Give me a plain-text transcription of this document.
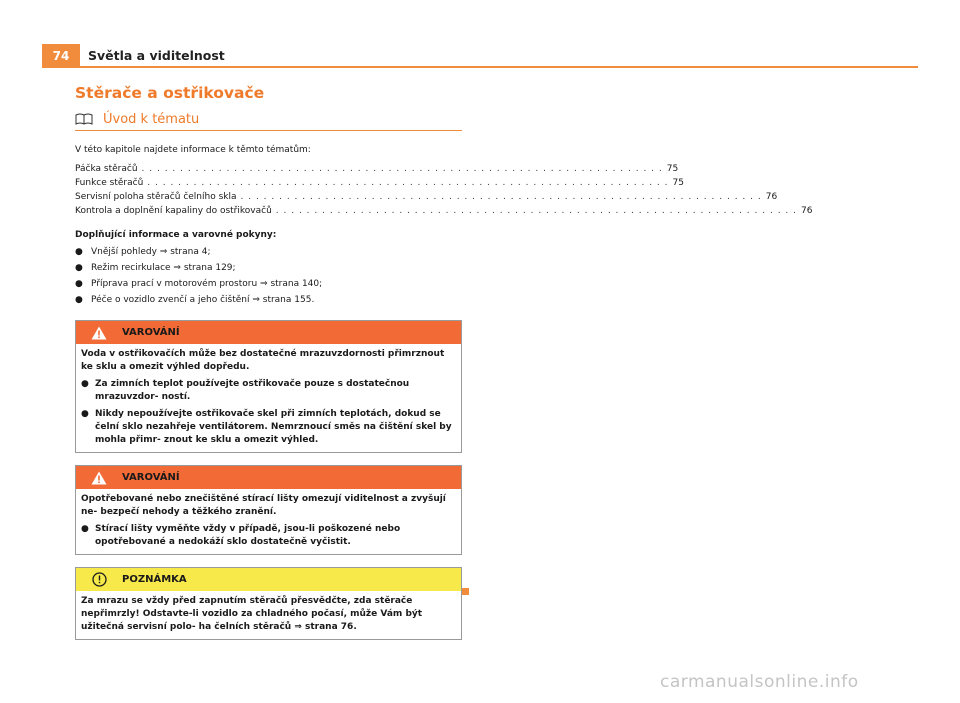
74	Světla a viditelnost
Stěrače a ostřikovače
Úvod k tématu
V této kapitole najdete informace k těmto tématům:
Páčka stěračů . . . . . . . . . . . . . . . . . . . . . . . . . . . . . . . . . . . . . . . . . . . . . . . . . . . . . . . . . . . . . . . . . . . . 75
Funkce stěračů . . . . . . . . . . . . . . . . . . . . . . . . . . . . . . . . . . . . . . . . . . . . . . . . . . . . . . . . . . . . . . . . . . . . 75
Servisní poloha stěračů čelního skla . . . . . . . . . . . . . . . . . . . . . . . . . . . . . . . . . . . . . . . . . . . . . . . . . . . . . . . . . . . . . . . . . . . . 76
Kontrola a doplnění kapaliny do ostřikovačů . . . . . . . . . . . . . . . . . . . . . . . . . . . . . . . . . . . . . . . . . . . . . . . . . . . . . . . . . . . . . . . . . . . . 76
Doplňující informace a varovné pokyny:
● Vnější pohledy ⇒ strana 4;
● Režim recirkulace ⇒ strana 129;
● Příprava prací v motorovém prostoru ⇒ strana 140;
● Péče o vozidlo zvenčí a jeho čištění ⇒ strana 155.
VAROVÁNÍ

Voda v ostřikovačích může bez dostatečné mrazuvzdornosti přimrznout ke sklu a omezit výhled dopředu.

● Za zimních teplot používejte ostřikovače pouze s dostatečnou mrazuvzdor- ností.
● Nikdy nepoužívejte ostřikovače skel při zimních teplotách, dokud se čelní sklo nezahřeje ventilátorem. Nemrznoucí směs na čištění skel by mohla přimr- znout ke sklu a omezit výhled.
VAROVÁNÍ

Opotřebované nebo znečištěné stírací lišty omezují viditelnost a zvyšují ne- bezpečí nehody a těžkého zranění.

● Stírací lišty vyměňte vždy v případě, jsou-li poškozené nebo opotřebované a nedokáží sklo dostatečně vyčistit.
POZNÁMKA

Za mrazu se vždy před zapnutím stěračů přesvědčte, zda stěrače nepřimrzly! Odstavte-li vozidlo za chladného počasí, může Vám být užitečná servisní polo- ha čelních stěračů ⇒ strana 76.

carmanualsonline.info
